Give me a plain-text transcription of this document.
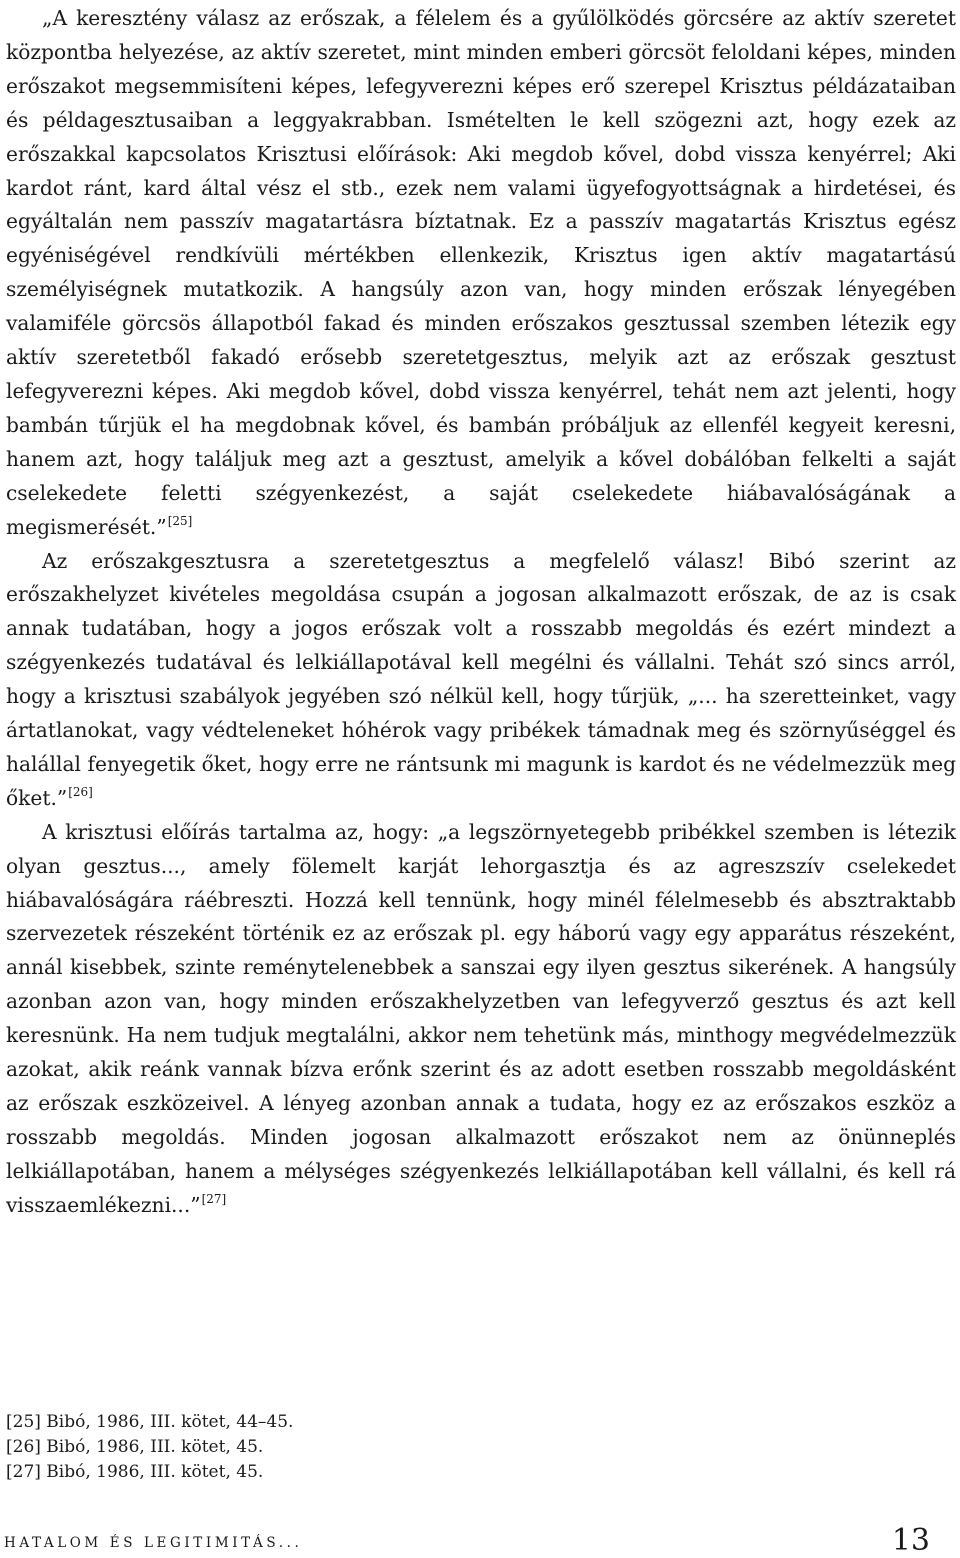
„A keresztény válasz az erőszak, a félelem és a gyűlölködés görcsére az aktív szeretet központba helyezése, az aktív szeretet, mint minden emberi görcsöt feloldani képes, minden erőszakot megsemmisíteni képes, lefegyverezni képes erő szerepel Krisztus példázataiban és példagesztusaiban a leggyakrabban. Ismételten le kell szögezni azt, hogy ezek az erőszakkal kapcsolatos Krisztusi előírások: Aki megdob kővel, dobd vissza kenyérrel; Aki kardot ránt, kard által vész el stb., ezek nem valami ügyefogyottságnak a hirdetései, és egyáltalán nem passzív magatartásra bíztatnak. Ez a passzív magatartás Krisztus egész egyéniségével rendkívüli mértékben ellenkezik, Krisztus igen aktív magatartású személyiségnek mutatkozik. A hangsúly azon van, hogy minden erőszak lényegében valamiféle görcsös állapotból fakad és minden erőszakos gesztussal szemben létezik egy aktív szeretetből fakadó erősebb szeretetgesztus, melyik azt az erőszak gesztust lefegyverezni képes. Aki megdob kővel, dobd vissza kenyérrel, tehát nem azt jelenti, hogy bambán tűrjük el ha megdobnak kővel, és bambán próbáljuk az ellenfél kegyeit keresni, hanem azt, hogy találjuk meg azt a gesztust, amelyik a kővel dobálóban felkelti a saját cselekedete feletti szégyenkezést, a saját cselekedete hiábavalóságának a megismerését.”[25]

Az erőszakgesztusra a szeretetgesztus a megfelelő válasz! Bibó szerint az erőszakhelyzet kivételes megoldása csupán a jogosan alkalmazott erőszak, de az is csak annak tudatában, hogy a jogos erőszak volt a rosszabb megoldás és ezért mindezt a szégyenkezés tudatával és lelkiállapotával kell megélni és vállalni. Tehát szó sincs arról, hogy a krisztusi szabályok jegyében szó nélkül kell, hogy tűrjük, „... ha szeretteinket, vagy ártatlanokat, vagy védteleneket hóhérok vagy pribékek támadnak meg és szörnyűséggel és halállal fenyegetik őket, hogy erre ne rántsunk mi magunk is kardot és ne védelmezzük meg őket.”[26]

A krisztusi előírás tartalma az, hogy: „a legszörnyetegebb pribékkel szemben is létezik olyan gesztus..., amely fölemelt karját lehorgasztja és az agreszszív cselekedet hiábavalóságára ráébreszti. Hozzá kell tennünk, hogy minél félelmesebb és absztraktabb szervezetek részeként történik ez az erőszak pl. egy háború vagy egy apparátus részeként, annál kisebbek, szinte reménytelenebbek a sanszai egy ilyen gesztus sikerének. A hangsúly azonban azon van, hogy minden erőszakhelyzetben van lefegyverző gesztus és azt kell keresnünk. Ha nem tudjuk megtalálni, akkor nem tehetünk más, minthogy megvédelmezzük azokat, akik reánk vannak bízva erőnk szerint és az adott esetben rosszabb megoldásként az erőszak eszközeivel. A lényeg azonban annak a tudata, hogy ez az erőszakos eszköz a rosszabb megoldás. Minden jogosan alkalmazott erőszakot nem az önünneplés lelkiállapotában, hanem a mélységes szégyenkezés lelkiállapotában kell vállalni, és kell rá visszaemlékezni...”[27]

[25] Bibó, 1986, III. kötet, 44–45.

[26] Bibó, 1986, III. kötet, 45.

[27] Bibó, 1986, III. kötet, 45.

HATALOM ÉS LEGITIMITÁS...	13
